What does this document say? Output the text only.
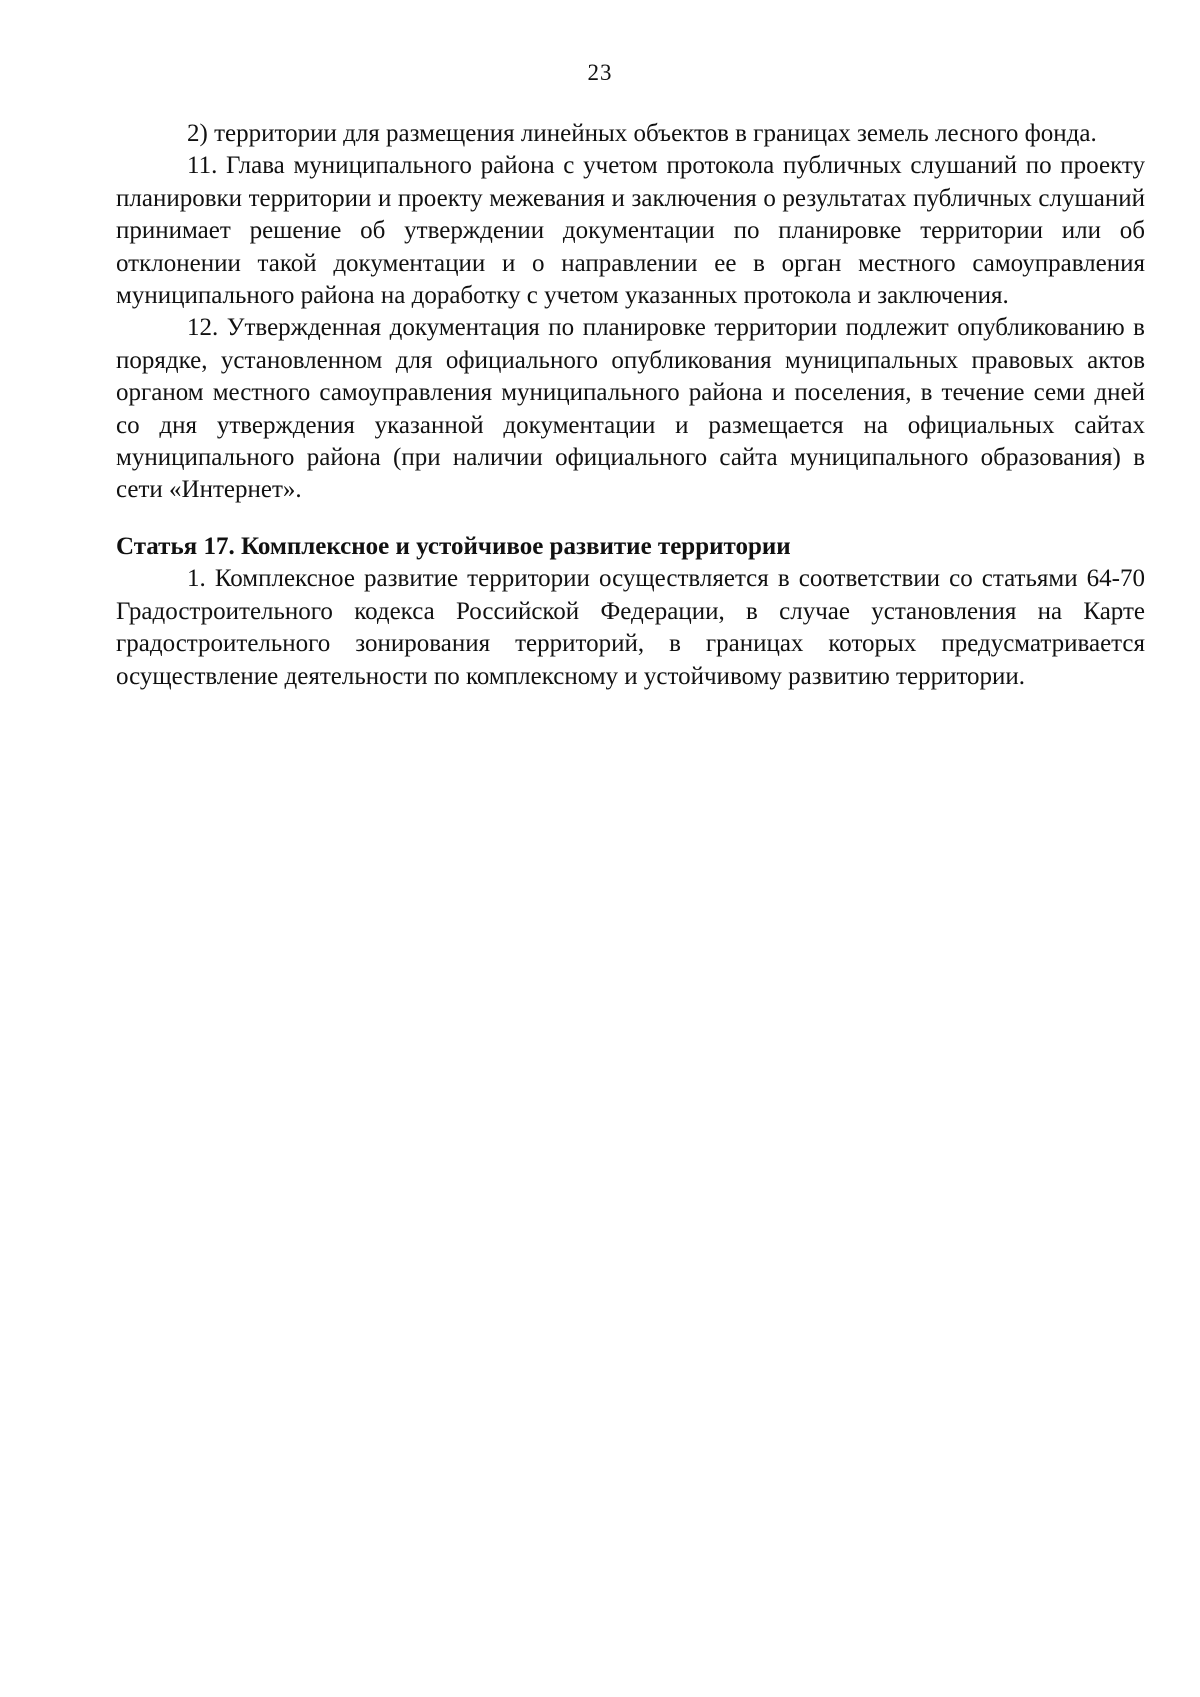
23

2) территории для размещения линейных объектов в границах земель лесного фонда.

11. Глава муниципального района с учетом протокола публичных слушаний по проекту планировки территории и проекту межевания и заключения о результатах публичных слушаний принимает решение об утверждении документации по планировке территории или об отклонении такой документации и о направлении ее в орган местного самоуправления муниципального района на доработку с учетом указанных протокола и заключения.

12. Утвержденная документация по планировке территории подлежит опубликованию в порядке, установленном для официального опубликования муниципальных правовых актов органом местного самоуправления муниципального района и поселения, в течение семи дней со дня утверждения указанной документации и размещается на официальных сайтах муниципального района (при наличии официального сайта муниципального образования) в сети «Интернет».

Статья 17. Комплексное и устойчивое развитие территории

1. Комплексное развитие территории осуществляется в соответствии со статьями 64-70 Градостроительного кодекса Российской Федерации, в случае установления на Карте градостроительного зонирования территорий, в границах которых предусматривается осуществление деятельности по комплексному и устойчивому развитию территории.
